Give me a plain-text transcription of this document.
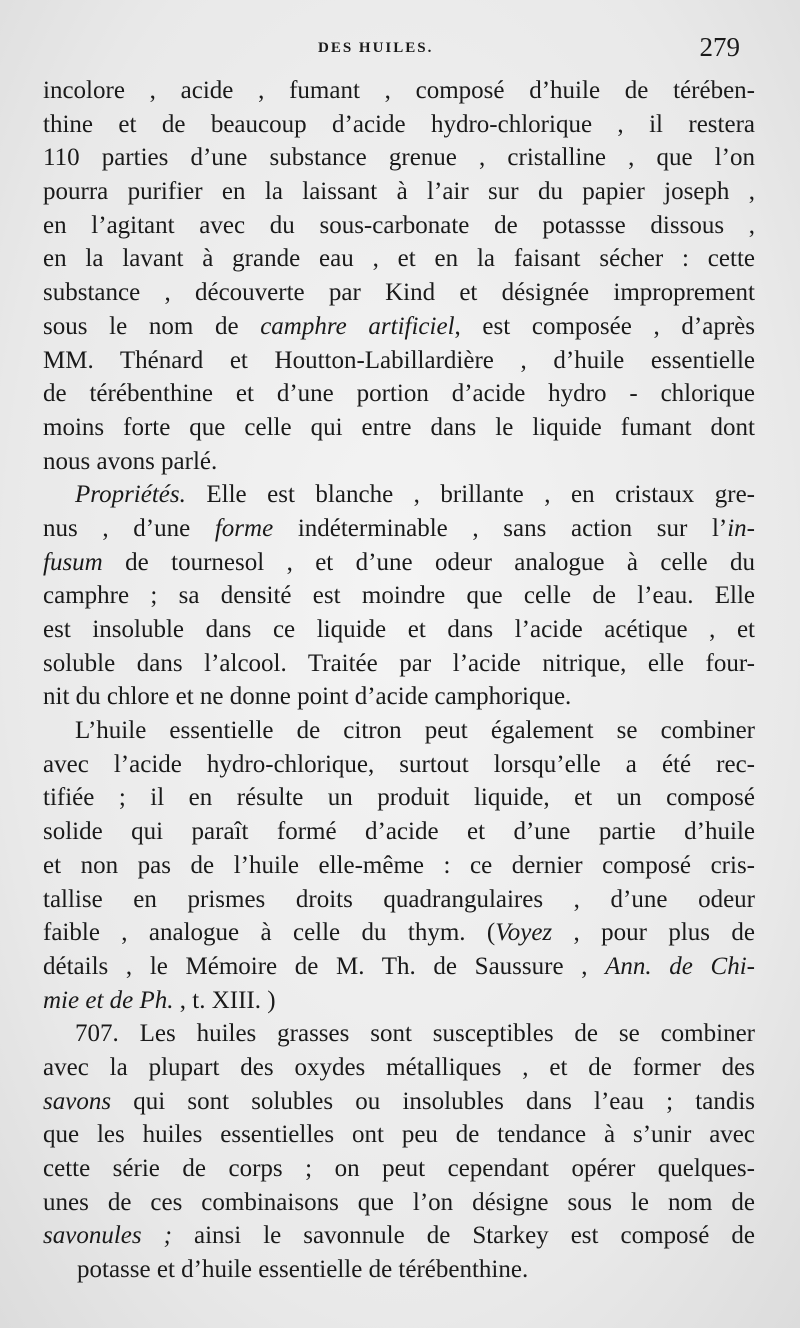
DES HUILES.	279
incolore , acide , fumant , composé d’huile de térében-
thine et de beaucoup d’acide hydro-chlorique , il restera
110 parties d’une substance grenue , cristalline , que l’on
pourra purifier en la laissant à l’air sur du papier joseph ,
en l’agitant avec du sous-carbonate de potassse dissous ,
en la lavant à grande eau , et en la faisant sécher : cette
substance , découverte par Kind et désignée improprement
sous le nom de camphre artificiel, est composée , d’après
MM. Thénard et Houtton-Labillardière , d’huile essentielle
de térébenthine et d’une portion d’acide hydro - chlorique
moins forte que celle qui entre dans le liquide fumant dont
nous avons parlé.
Propriétés. Elle est blanche , brillante , en cristaux gre-
nus , d’une forme indéterminable , sans action sur l’in-
fusum de tournesol , et d’une odeur analogue à celle du
camphre ; sa densité est moindre que celle de l’eau. Elle
est insoluble dans ce liquide et dans l’acide acétique , et
soluble dans l’alcool. Traitée par l’acide nitrique, elle four-
nit du chlore et ne donne point d’acide camphorique.
L’huile essentielle de citron peut également se combiner
avec l’acide hydro-chlorique, surtout lorsqu’elle a été rec-
tifiée ; il en résulte un produit liquide, et un composé
solide qui paraît formé d’acide et d’une partie d’huile
et non pas de l’huile elle-même : ce dernier composé cris-
tallise en prismes droits quadrangulaires , d’une odeur
faible , analogue à celle du thym. (Voyez , pour plus de
détails , le Mémoire de M. Th. de Saussure , Ann. de Chi-
mie et de Ph. , t. XIII. )
707. Les huiles grasses sont susceptibles de se combiner
avec la plupart des oxydes métalliques , et de former des
savons qui sont solubles ou insolubles dans l’eau ; tandis
que les huiles essentielles ont peu de tendance à s’unir avec
cette série de corps ; on peut cependant opérer quelques-
unes de ces combinaisons que l’on désigne sous le nom de
savonules ; ainsi le savonnule de Starkey est composé de
potasse et d’huile essentielle de térébenthine.
